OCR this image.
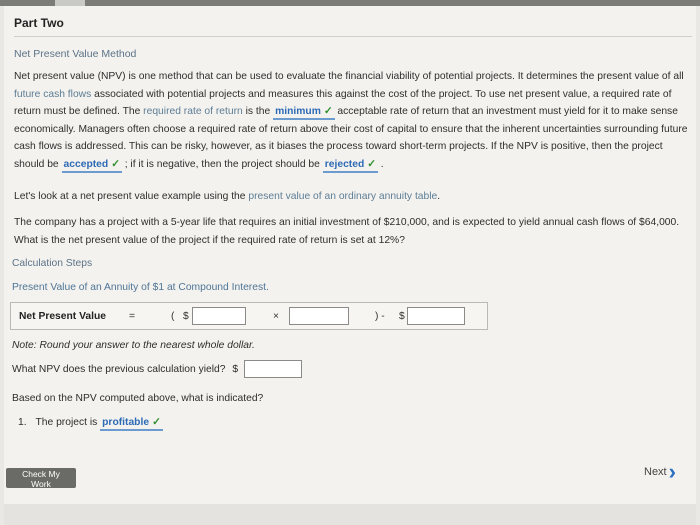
Part Two
Net Present Value Method
Net present value (NPV) is one method that can be used to evaluate the financial viability of potential projects. It determines the present value of all future cash flows associated with potential projects and measures this against the cost of the project. To use net present value, a required rate of return must be defined. The required rate of return is the minimum ✓ acceptable rate of return that an investment must yield for it to make sense economically. Managers often choose a required rate of return above their cost of capital to ensure that the inherent uncertainties surrounding future cash flows is addressed. This can be risky, however, as it biases the process toward short-term projects. If the NPV is positive, then the project should be accepted ✓ ; if it is negative, then the project should be rejected ✓ .
Let's look at a net present value example using the present value of an ordinary annuity table.
The company has a project with a 5-year life that requires an initial investment of $210,000, and is expected to yield annual cash flows of $64,000. What is the net present value of the project if the required rate of return is set at 12%?
Calculation Steps
Present Value of an Annuity of $1 at Compound Interest.
Net Present Value =	( $	×	) - $
Note: Round your answer to the nearest whole dollar.
What NPV does the previous calculation yield? $
Based on the NPV computed above, what is indicated?
1. The project is profitable ✓
Check My Work
Next›
